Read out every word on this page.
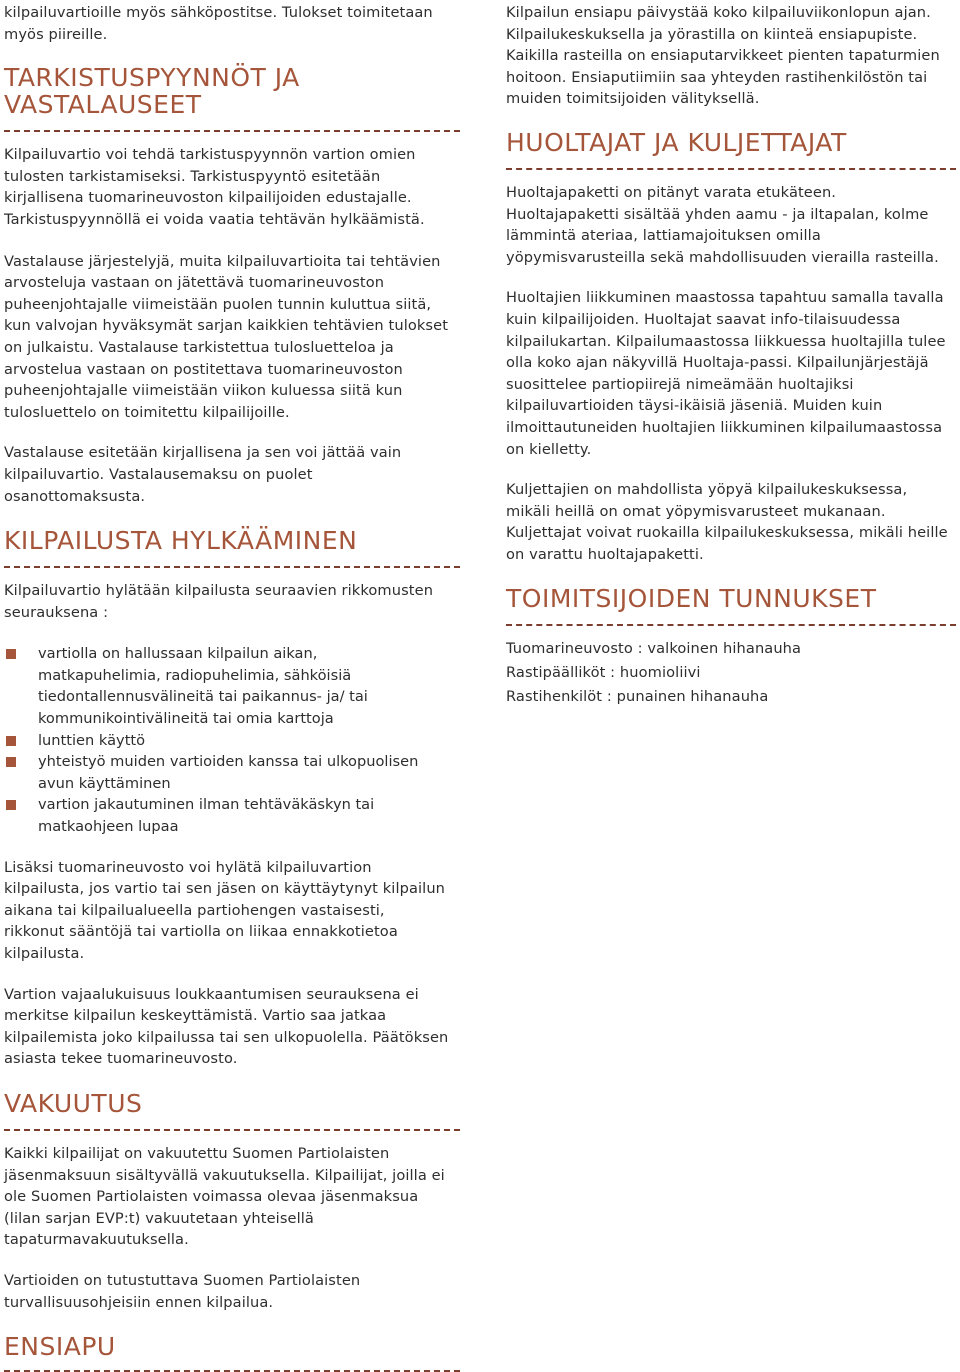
kilpailuvartioille myös sähköpostitse. Tulokset toimitetaan
myös piireille.

TARKISTUSPYYNNÖT JA
VASTALAUSEET

Kilpailuvartio voi tehdä tarkistuspyynnön vartion omien
tulosten tarkistamiseksi. Tarkistuspyyntö esitetään
kirjallisena tuomarineuvoston kilpailijoiden edustajalle.
Tarkistuspyynnöllä ei voida vaatia tehtävän hylkäämistä.

Vastalause järjestelyjä, muita kilpailuvartioita tai tehtävien
arvosteluja vastaan on jätettävä tuomarineuvoston
puheenjohtajalle viimeistään puolen tunnin kuluttua siitä,
kun valvojan hyväksymät sarjan kaikkien tehtävien tulokset
on julkaistu. Vastalause tarkistettua tulosluetteloa ja
arvostelua vastaan on postitettava tuomarineuvoston
puheenjohtajalle viimeistään viikon kuluessa siitä kun
tulosluettelo on toimitettu kilpailijoille.

Vastalause esitetään kirjallisena ja sen voi jättää vain
kilpailuvartio. Vastalausemaksu on puolet
osanottomaksusta.

KILPAILUSTA HYLKÄÄMINEN

Kilpailuvartio hylätään kilpailusta seuraavien rikkomusten
seurauksena :

vartiolla on hallussaan kilpailun aikan,
matkapuhelimia, radiopuhelimia, sähköisiä
tiedontallennusvälineitä tai paikannus- ja/ tai
kommunikointivälineitä tai omia karttoja
lunttien käyttö
yhteistyö muiden vartioiden kanssa tai ulkopuolisen
avun käyttäminen
vartion jakautuminen ilman tehtäväkäskyn tai
matkaohjeen lupaa

Lisäksi tuomarineuvosto voi hylätä kilpailuvartion
kilpailusta, jos vartio tai sen jäsen on käyttäytynyt kilpailun
aikana tai kilpailualueella partiohengen vastaisesti,
rikkonut sääntöjä tai vartiolla on liikaa ennakkotietoa
kilpailusta.

Vartion vajaalukuisuus loukkaantumisen seurauksena ei
merkitse kilpailun keskeyttämistä. Vartio saa jatkaa
kilpailemista joko kilpailussa tai sen ulkopuolella. Päätöksen
asiasta tekee tuomarineuvosto.

VAKUUTUS

Kaikki kilpailijat on vakuutettu Suomen Partiolaisten
jäsenmaksuun sisältyvällä vakuutuksella. Kilpailijat, joilla ei
ole Suomen Partiolaisten voimassa olevaa jäsenmaksua
(lilan sarjan EVP:t) vakuutetaan yhteisellä
tapaturmavakuutuksella.

Vartioiden on tutustuttava Suomen Partiolaisten
turvallisuusohjeisiin ennen kilpailua.

ENSIAPU

Kilpailun ensiapu päivystää koko kilpailuviikonlopun ajan.
Kilpailukeskuksella ja yörastilla on kiinteä ensiapupiste.
Kaikilla rasteilla on ensiaputarvikkeet pienten tapaturmien
hoitoon. Ensiaputiimiin saa yhteyden rastihenkilöstön tai
muiden toimitsijoiden välityksellä.

HUOLTAJAT JA KULJETTAJAT

Huoltajapaketti on pitänyt varata etukäteen.
Huoltajapaketti sisältää yhden aamu - ja iltapalan, kolme
lämmintä ateriaa, lattiamajoituksen omilla
yöpymisvarusteilla sekä mahdollisuuden vierailla rasteilla.

Huoltajien liikkuminen maastossa tapahtuu samalla tavalla
kuin kilpailijoiden. Huoltajat saavat info-tilaisuudessa
kilpailukartan. Kilpailumaastossa liikkuessa huoltajilla tulee
olla koko ajan näkyvillä Huoltaja-passi. Kilpailunjärjestäjä
suosittelee partiopiirejä nimeämään huoltajiksi
kilpailuvartioiden täysi-ikäisiä jäseniä. Muiden kuin
ilmoittautuneiden huoltajien liikkuminen kilpailumaastossa
on kielletty.

Kuljettajien on mahdollista yöpyä kilpailukeskuksessa,
mikäli heillä on omat yöpymisvarusteet mukanaan.
Kuljettajat voivat ruokailla kilpailukeskuksessa, mikäli heille
on varattu huoltajapaketti.

TOIMITSIJOIDEN TUNNUKSET

Tuomarineuvosto : valkoinen hihanauha

Rastipäälliköt : huomioliivi

Rastihenkilöt : punainen hihanauha
